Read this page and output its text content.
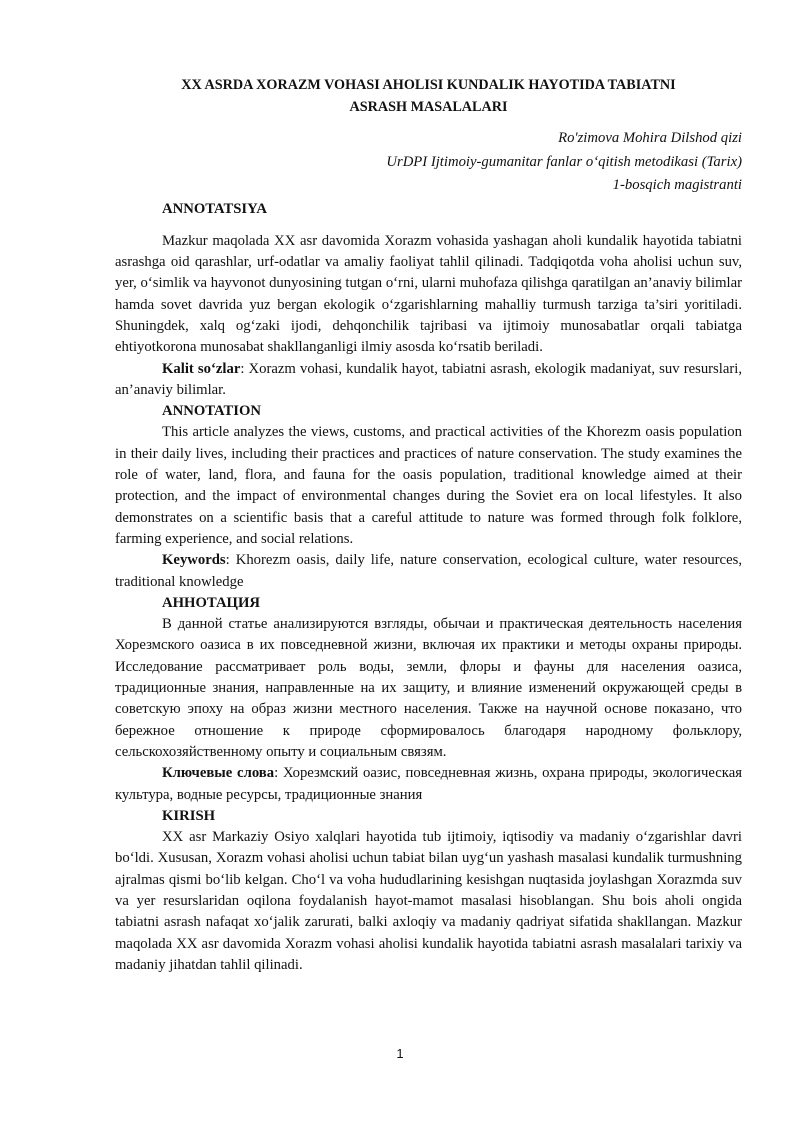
XX ASRDA XORAZM VOHASI AHOLISI KUNDALIK HAYOTIDA TABIATNI
ASRASH MASALALARI
Ro'zimova Mohira Dilshod qizi
UrDPI Ijtimoiy-gumanitar fanlar o‘qitish metodikasi (Tarix)
1-bosqich magistranti
ANNOTATSIYA

Mazkur maqolada XX asr davomida Xorazm vohasida yashagan aholi kundalik hayotida tabiatni asrashga oid qarashlar, urf-odatlar va amaliy faoliyat tahlil qilinadi. Tadqiqotda voha aholisi uchun suv, yer, o‘simlik va hayvonot dunyosining tutgan o‘rni, ularni muhofaza qilishga qaratilgan an’anaviy bilimlar hamda sovet davrida yuz bergan ekologik o‘zgarishlarning mahalliy turmush tarziga ta’siri yoritiladi. Shuningdek, xalq og‘zaki ijodi, dehqonchilik tajribasi va ijtimoiy munosabatlar orqali tabiatga ehtiyotkorona munosabat shakllanganligi ilmiy asosda ko‘rsatib beriladi.

Kalit so‘zlar: Xorazm vohasi, kundalik hayot, tabiatni asrash, ekologik madaniyat, suv resurslari, an’anaviy bilimlar.

ANNOTATION

This article analyzes the views, customs, and practical activities of the Khorezm oasis population in their daily lives, including their practices and practices of nature conservation. The study examines the role of water, land, flora, and fauna for the oasis population, traditional knowledge aimed at their protection, and the impact of environmental changes during the Soviet era on local lifestyles. It also demonstrates on a scientific basis that a careful attitude to nature was formed through folk folklore, farming experience, and social relations.

Keywords: Khorezm oasis, daily life, nature conservation, ecological culture, water resources, traditional knowledge

АННОТАЦИЯ

В данной статье анализируются взгляды, обычаи и практическая деятельность населения Хорезмского оазиса в их повседневной жизни, включая их практики и методы охраны природы. Исследование рассматривает роль воды, земли, флоры и фауны для населения оазиса, традиционные знания, направленные на их защиту, и влияние изменений окружающей среды в советскую эпоху на образ жизни местного населения. Также на научной основе показано, что бережное отношение к природе сформировалось благодаря народному фольклору, сельскохозяйственному опыту и социальным связям.

Ключевые слова: Хорезмский оазис, повседневная жизнь, охрана природы, экологическая культура, водные ресурсы, традиционные знания

KIRISH

XX asr Markaziy Osiyo xalqlari hayotida tub ijtimoiy, iqtisodiy va madaniy o‘zgarishlar davri bo‘ldi. Xususan, Xorazm vohasi aholisi uchun tabiat bilan uyg‘un yashash masalasi kundalik turmushning ajralmas qismi bo‘lib kelgan. Cho‘l va voha hududlarining kesishgan nuqtasida joylashgan Xorazmda suv va yer resurslaridan oqilona foydalanish hayot-mamot masalasi hisoblangan. Shu bois aholi ongida tabiatni asrash nafaqat xo‘jalik zarurati, balki axloqiy va madaniy qadriyat sifatida shakllangan. Mazkur maqolada XX asr davomida Xorazm vohasi aholisi kundalik hayotida tabiatni asrash masalalari tarixiy va madaniy jihatdan tahlil qilinadi.

1
